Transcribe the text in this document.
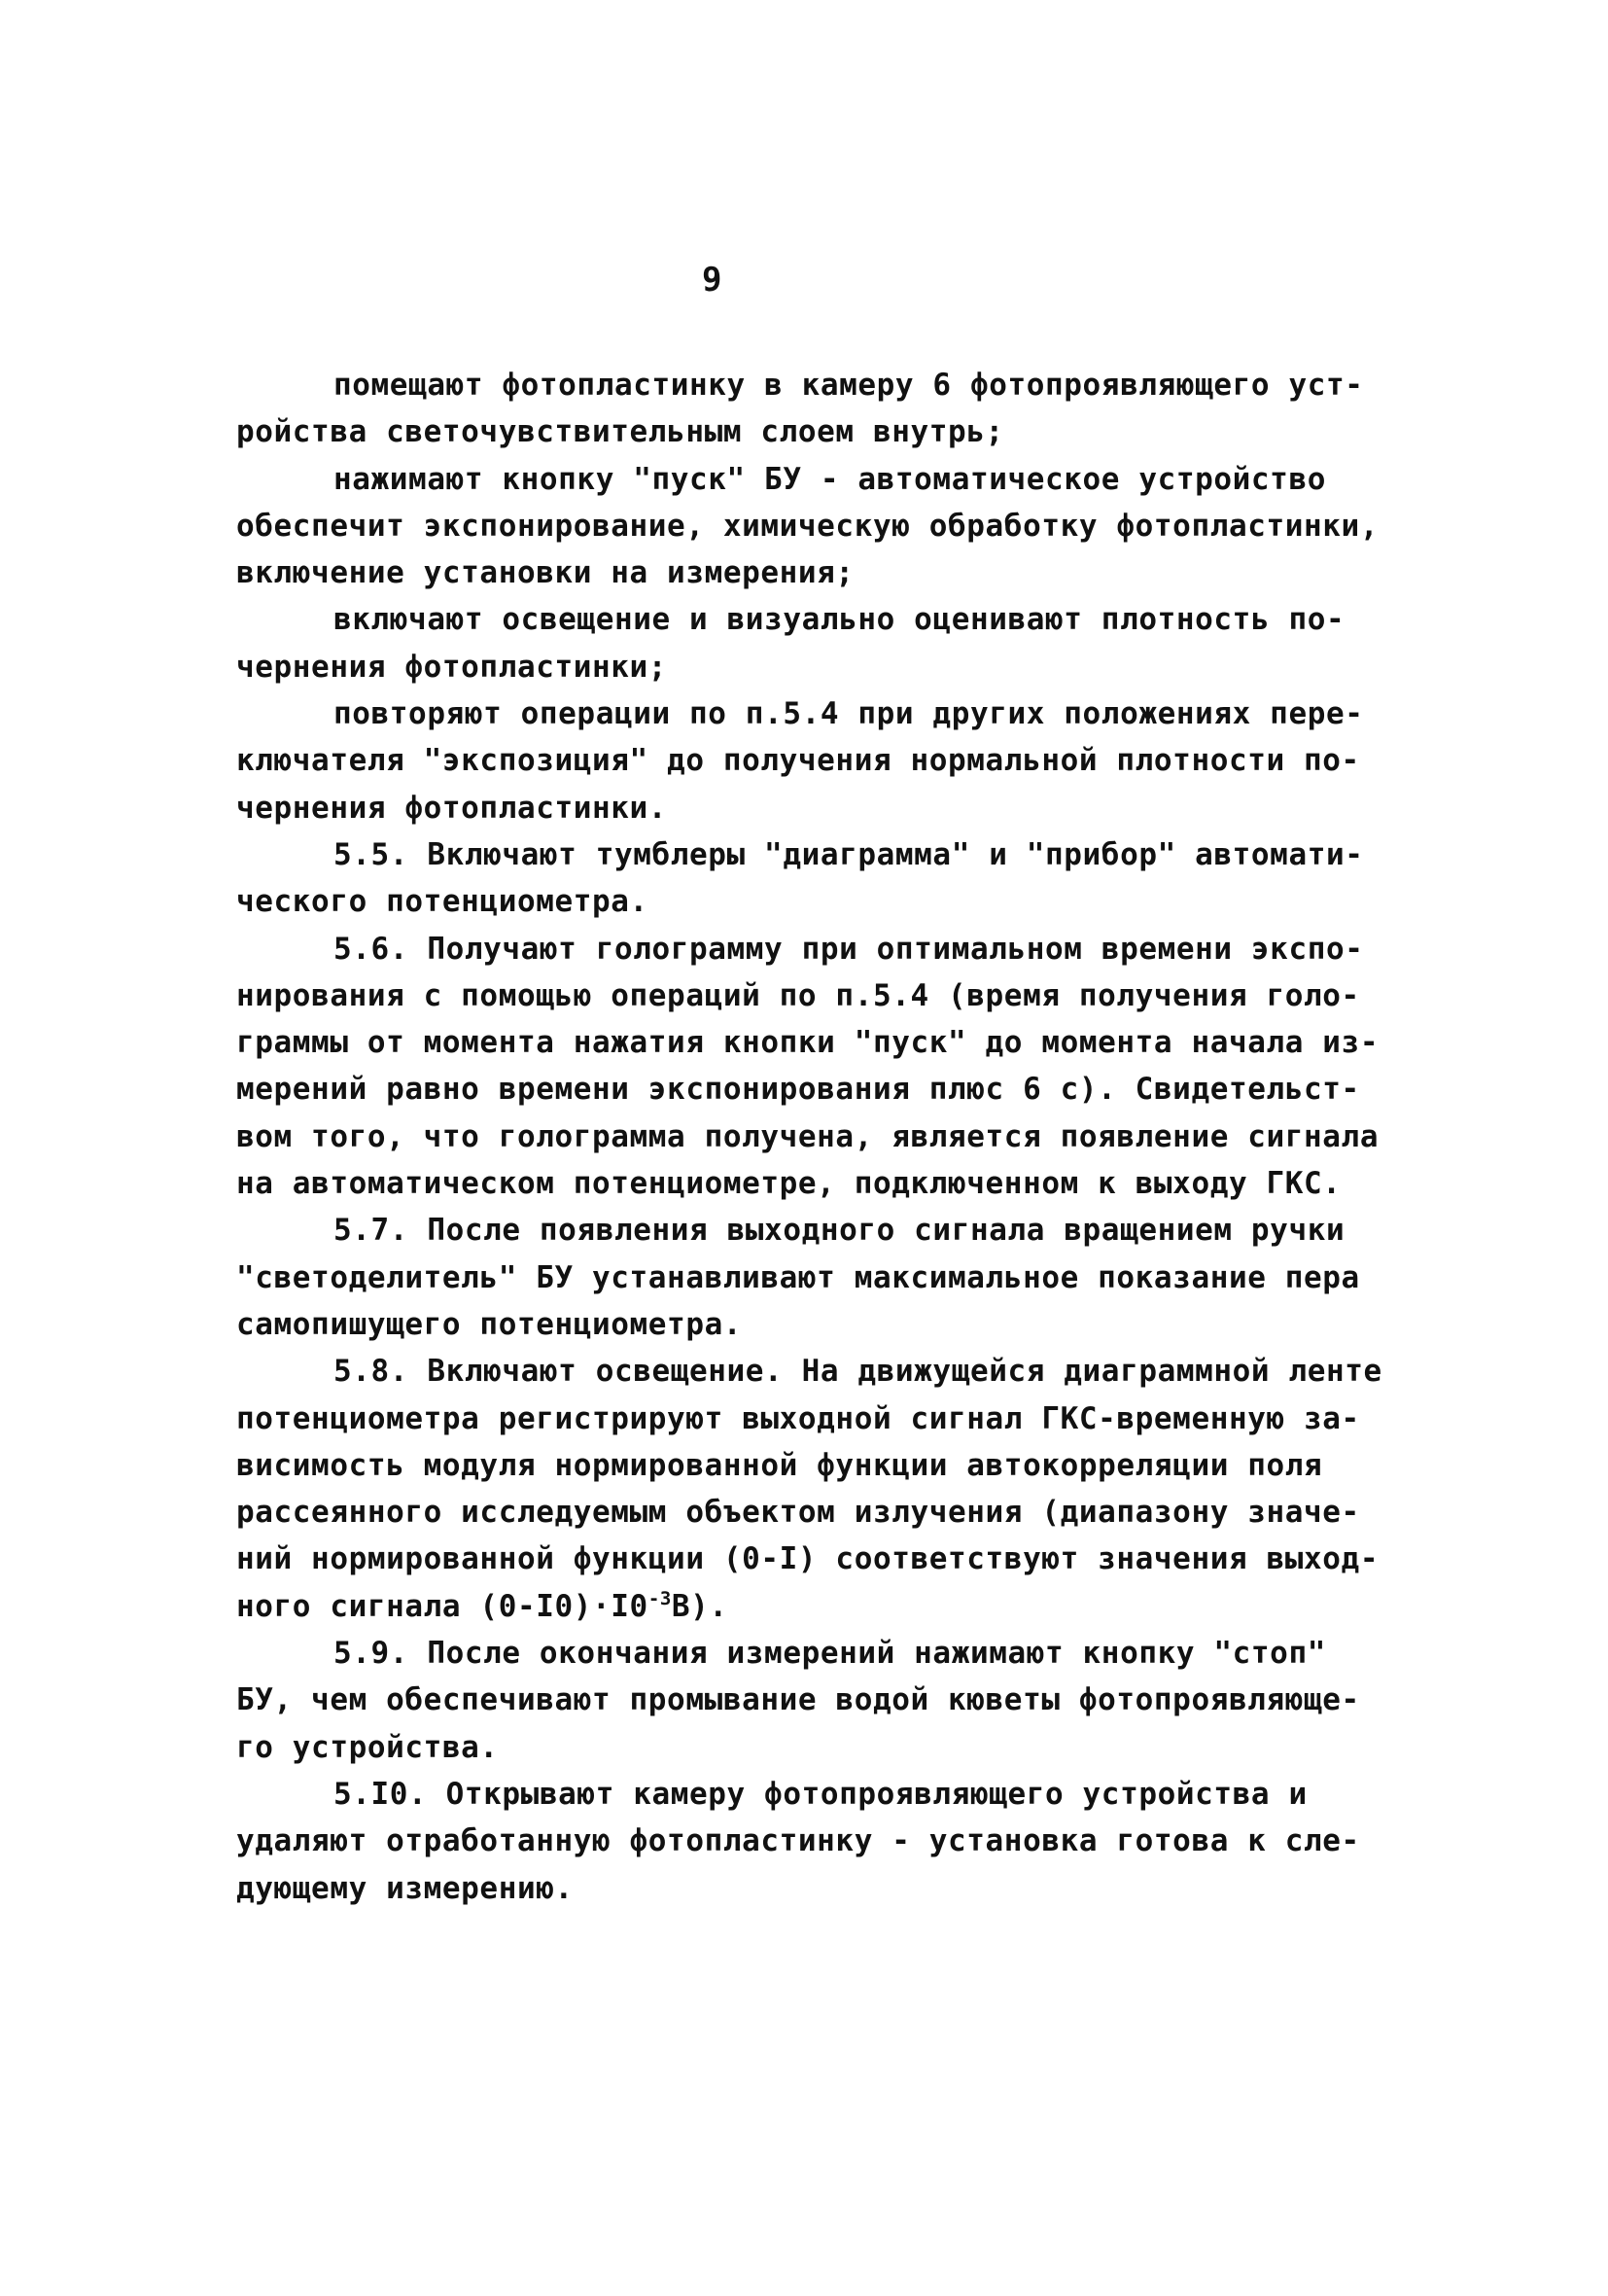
9
помещают фотопластинку в камеру 6 фотопроявляющего уст-
ройства светочувствительным слоем внутрь;
нажимают кнопку "пуск" БУ - автоматическое устройство
обеспечит экспонирование, химическую обработку фотопластинки,
включение установки на измерения;
включают освещение и визуально оценивают плотность по-
чернения фотопластинки;
повторяют операции по п.5.4 при других положениях пере-
ключателя "экспозиция" до получения нормальной плотности по-
чернения фотопластинки.
5.5. Включают тумблеры "диаграмма" и "прибор" автомати-
ческого потенциометра.
5.6. Получают голограмму при оптимальном времени экспо-
нирования с помощью операций по п.5.4 (время получения голо-
граммы от момента нажатия кнопки "пуск" до момента начала из-
мерений равно времени экспонирования плюс 6 с). Свидетельст-
вом того, что голограмма получена, является появление сигнала
на автоматическом потенциометре, подключенном к выходу ГКС.
5.7. После появления выходного сигнала вращением ручки
"светоделитель" БУ устанавливают максимальное показание пера
самопишущего потенциометра.
5.8. Включают освещение. На движущейся диаграммной ленте
потенциометра регистрируют выходной сигнал ГКС-временную за-
висимость модуля нормированной функции автокорреляции поля
рассеянного исследуемым объектом излучения (диапазону значе-
ний нормированной функции (0-I) соответствуют значения выход-
ного сигнала $(0-I0)\cdot I0^{-3}В$).
5.9. После окончания измерений нажимают кнопку "стоп"
БУ, чем обеспечивают промывание водой кюветы фотопроявляюще-
го устройства.
5.I0. Открывают камеру фотопроявляющего устройства и
удаляют отработанную фотопластинку - установка готова к сле-
дующему измерению.
